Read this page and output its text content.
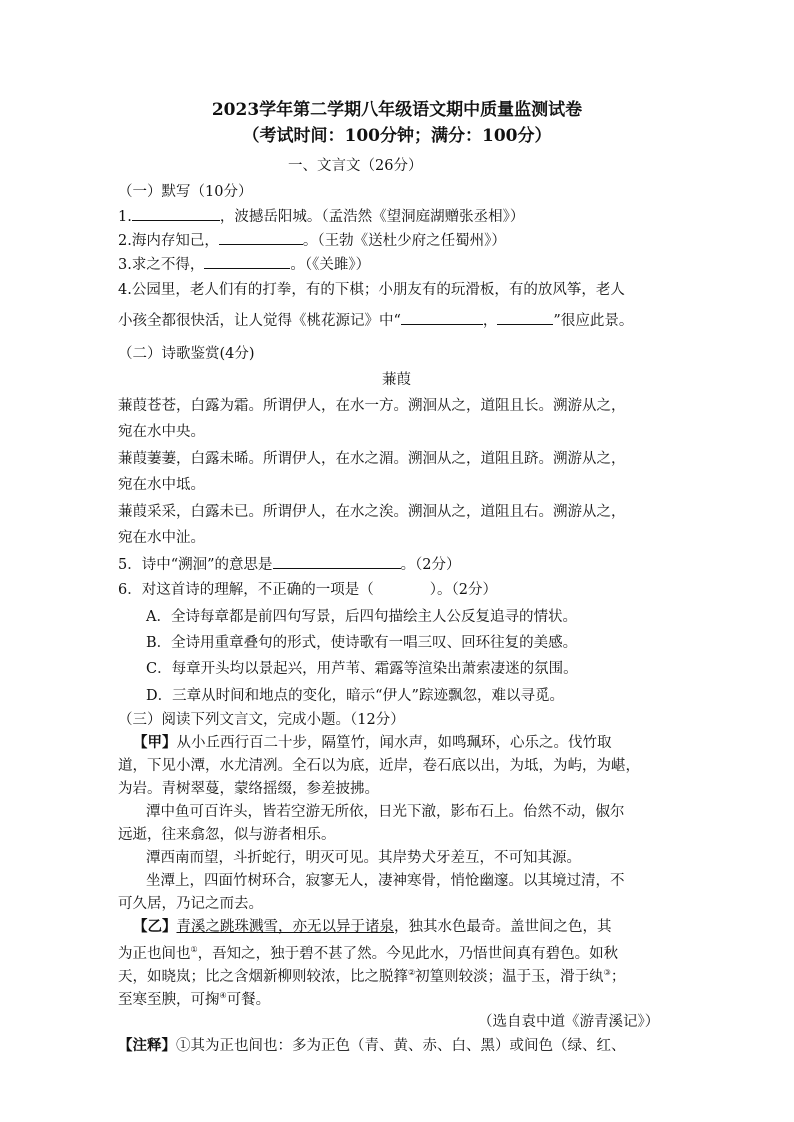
2023学年第二学期八年级语文期中质量监测试卷
（考试时间：100分钟；满分：100分）
一、文言文（26分）
（一）默写（10分）
1.	，波撼岳阳城。（孟浩然《望洞庭湖赠张丞相》）
2.海内存知己，	。（王勃《送杜少府之任蜀州》）
3.求之不得，	。（《关雎》）
4.公园里，老人们有的打拳，有的下棋；小朋友有的玩滑板，有的放风筝，老人
小孩全都很快活，让人觉得《桃花源记》中“	，	”很应此景。
（二）诗歌鉴赏(4分)
蒹葭
蒹葭苍苍，白露为霜。所谓伊人，在水一方。溯洄从之，道阻且长。溯游从之，
宛在水中央。
蒹葭萋萋，白露未晞。所谓伊人，在水之湄。溯洄从之，道阻且跻。溯游从之，
宛在水中坻。
蒹葭采采，白露未已。所谓伊人，在水之涘。溯洄从之，道阻且右。溯游从之，
宛在水中沚。
5．诗中“溯洄”的意思是	。（2分）
6．对这首诗的理解，不正确的一项是（	）。（2分）
A．全诗每章都是前四句写景，后四句描绘主人公反复追寻的情状。
B．全诗用重章叠句的形式，使诗歌有一唱三叹、回环往复的美感。
C．每章开头均以景起兴，用芦苇、霜露等渲染出萧索凄迷的氛围。
D．三章从时间和地点的变化，暗示“伊人”踪迹飘忽，难以寻觅。
（三）阅读下列文言文，完成小题。（12分）
【甲】从小丘西行百二十步，隔篁竹，闻水声，如鸣珮环，心乐之。伐竹取
道，下见小潭，水尤清冽。全石以为底，近岸，卷石底以出，为坻，为屿，为嵁，
为岩。青树翠蔓，蒙络摇缀，参差披拂。
潭中鱼可百许头，皆若空游无所依，日光下澈，影布石上。佁然不动，俶尔
远逝，往来翕忽，似与游者相乐。
潭西南而望，斗折蛇行，明灭可见。其岸势犬牙差互，不可知其源。
坐潭上，四面竹树环合，寂寥无人，凄神寒骨，悄怆幽邃。以其境过清，不
可久居，乃记之而去。
【乙】青溪之跳珠溅雪，亦无以异于诸泉，独其水色最奇。盖世间之色，其
为正也间也①，吾知之，独于碧不甚了然。今见此水，乃悟世间真有碧色。如秋
天，如晓岚；比之含烟新柳则较浓，比之脱箨②初篁则较淡；温于玉，滑于纨③；
至寒至腴，可掬④可餐。
（选自袁中道《游青溪记》）
【注释】①其为正也间也：多为正色（青、黄、赤、白、黑）或间色（绿、红、
